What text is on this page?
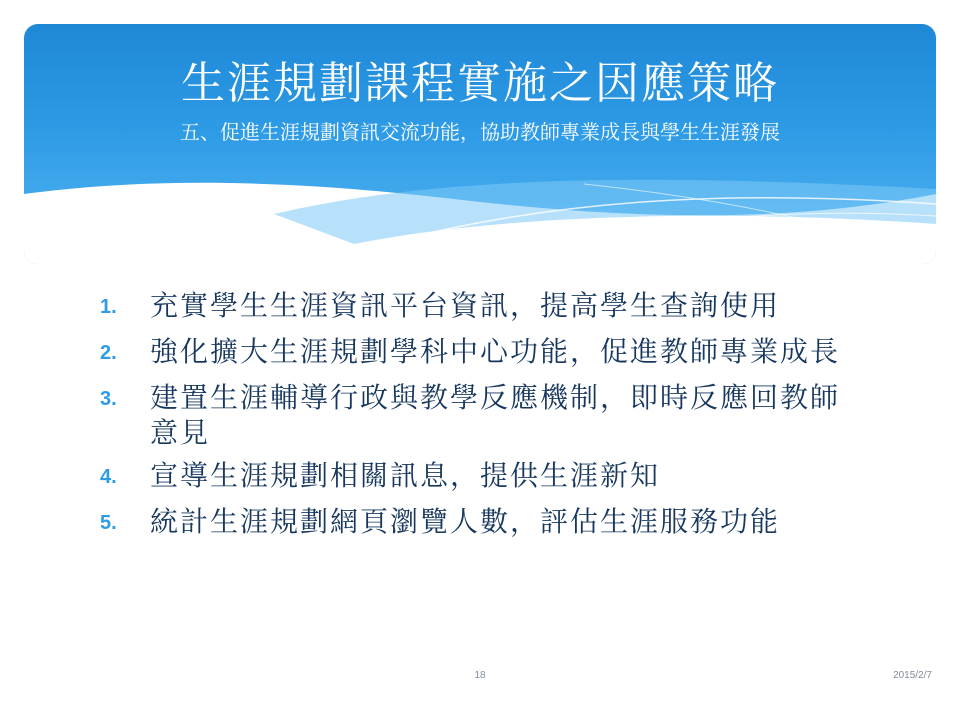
生涯規劃課程實施之因應策略
五、促進生涯規劃資訊交流功能，協助教師專業成長與學生生涯發展
1.	充實學生生涯資訊平台資訊，提高學生查詢使用
2.	強化擴大生涯規劃學科中心功能，促進教師專業成長
3.	建置生涯輔導行政與教學反應機制，即時反應回教師意見
4.	宣導生涯規劃相關訊息，提供生涯新知
5.	統計生涯規劃網頁瀏覽人數，評估生涯服務功能
18	2015/2/7
